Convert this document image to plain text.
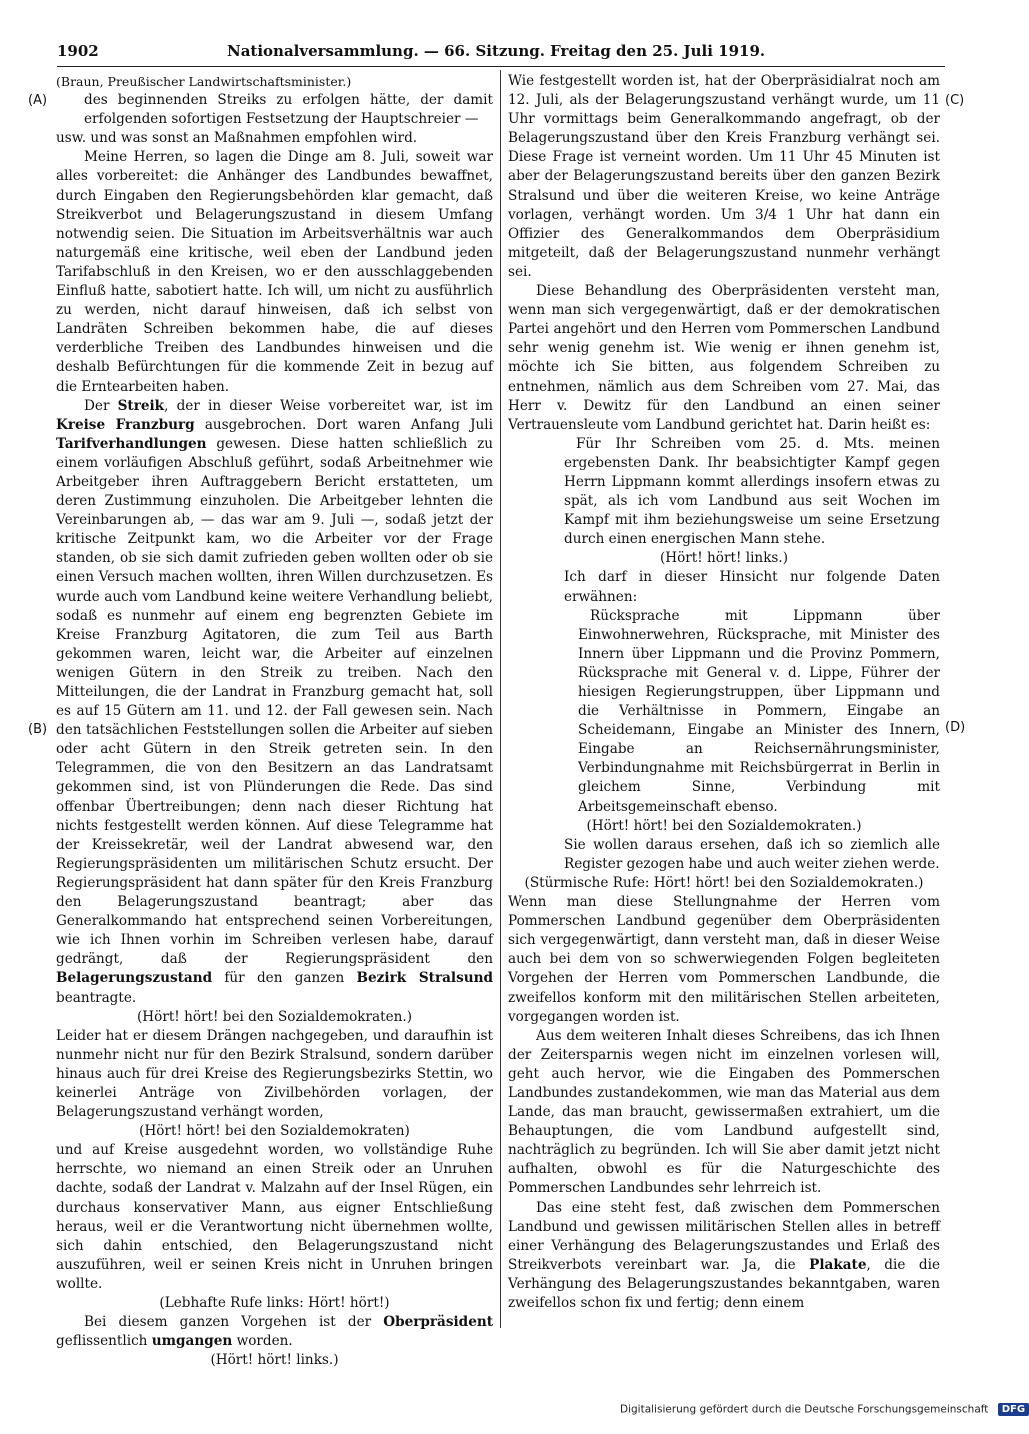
1902	Nationalversammlung. — 66. Sitzung. Freitag den 25. Juli 1919.
(A)
(B)
(C)
(D)

(Braun, Preußischer Landwirtschaftsminister.)

des beginnenden Streiks zu erfolgen hätte, der damit erfolgenden sofortigen Festsetzung der Hauptschreier —

usw. und was sonst an Maßnahmen empfohlen wird.

Meine Herren, so lagen die Dinge am 8. Juli, soweit war alles vorbereitet: die Anhänger des Landbundes bewaffnet, durch Eingaben den Regierungsbehörden klar gemacht, daß Streikverbot und Belagerungszustand in diesem Umfang notwendig seien. Die Situation im Arbeitsverhältnis war auch naturgemäß eine kritische, weil eben der Landbund jeden Tarifabschluß in den Kreisen, wo er den ausschlaggebenden Einfluß hatte, sabotiert hatte. Ich will, um nicht zu ausführlich zu werden, nicht darauf hinweisen, daß ich selbst von Landräten Schreiben bekommen habe, die auf dieses verderbliche Treiben des Landbundes hinweisen und die deshalb Befürchtungen für die kommende Zeit in bezug auf die Erntearbeiten haben.

Der Streik, der in dieser Weise vorbereitet war, ist im Kreise Franzburg ausgebrochen. Dort waren Anfang Juli Tarifverhandlungen gewesen. Diese hatten schließlich zu einem vorläufigen Abschluß geführt, sodaß Arbeitnehmer wie Arbeitgeber ihren Auftraggebern Bericht erstatteten, um deren Zustimmung einzuholen. Die Arbeitgeber lehnten die Vereinbarungen ab, — das war am 9. Juli —, sodaß jetzt der kritische Zeitpunkt kam, wo die Arbeiter vor der Frage standen, ob sie sich damit zufrieden geben wollten oder ob sie einen Versuch machen wollten, ihren Willen durchzusetzen. Es wurde auch vom Landbund keine weitere Verhandlung beliebt, sodaß es nunmehr auf einem eng begrenzten Gebiete im Kreise Franzburg Agitatoren, die zum Teil aus Barth gekommen waren, leicht war, die Arbeiter auf einzelnen wenigen Gütern in den Streik zu treiben. Nach den Mitteilungen, die der Landrat in Franzburg gemacht hat, soll es auf 15 Gütern am 11. und 12. der Fall gewesen sein. Nach den tatsächlichen Feststellungen sollen die Arbeiter auf sieben oder acht Gütern in den Streik getreten sein. In den Telegrammen, die von den Besitzern an das Landratsamt gekommen sind, ist von Plünderungen die Rede. Das sind offenbar Übertreibungen; denn nach dieser Richtung hat nichts festgestellt werden können. Auf diese Telegramme hat der Kreissekretär, weil der Landrat abwesend war, den Regierungspräsidenten um militärischen Schutz ersucht. Der Regierungspräsident hat dann später für den Kreis Franzburg den Belagerungszustand beantragt; aber das Generalkommando hat entsprechend seinen Vorbereitungen, wie ich Ihnen vorhin im Schreiben verlesen habe, darauf gedrängt, daß der Regierungspräsident den Belagerungszustand für den ganzen Bezirk Stralsund beantragte.

(Hört! hört! bei den Sozialdemokraten.)

Leider hat er diesem Drängen nachgegeben, und daraufhin ist nunmehr nicht nur für den Bezirk Stralsund, sondern darüber hinaus auch für drei Kreise des Regierungsbezirks Stettin, wo keinerlei Anträge von Zivilbehörden vorlagen, der Belagerungszustand verhängt worden,

(Hört! hört! bei den Sozialdemokraten)

und auf Kreise ausgedehnt worden, wo vollständige Ruhe herrschte, wo niemand an einen Streik oder an Unruhen dachte, sodaß der Landrat v. Malzahn auf der Insel Rügen, ein durchaus konservativer Mann, aus eigner Entschließung heraus, weil er die Verantwortung nicht übernehmen wollte, sich dahin entschied, den Belagerungszustand nicht auszuführen, weil er seinen Kreis nicht in Unruhen bringen wollte.

(Lebhafte Rufe links: Hört! hört!)

Bei diesem ganzen Vorgehen ist der Oberpräsident geflissentlich umgangen worden.

(Hört! hört! links.)

Wie festgestellt worden ist, hat der Oberpräsidialrat noch am 12. Juli, als der Belagerungszustand verhängt wurde, um 11 Uhr vormittags beim Generalkommando angefragt, ob der Belagerungszustand über den Kreis Franzburg verhängt sei. Diese Frage ist verneint worden. Um 11 Uhr 45 Minuten ist aber der Belagerungszustand bereits über den ganzen Bezirk Stralsund und über die weiteren Kreise, wo keine Anträge vorlagen, verhängt worden. Um 3/4 1 Uhr hat dann ein Offizier des Generalkommandos dem Oberpräsidium mitgeteilt, daß der Belagerungszustand nunmehr verhängt sei.

Diese Behandlung des Oberpräsidenten versteht man, wenn man sich vergegenwärtigt, daß er der demokratischen Partei angehört und den Herren vom Pommerschen Landbund sehr wenig genehm ist. Wie wenig er ihnen genehm ist, möchte ich Sie bitten, aus folgendem Schreiben zu entnehmen, nämlich aus dem Schreiben vom 27. Mai, das Herr v. Dewitz für den Landbund an einen seiner Vertrauensleute vom Landbund gerichtet hat. Darin heißt es:

Für Ihr Schreiben vom 25. d. Mts. meinen ergebensten Dank. Ihr beabsichtigter Kampf gegen Herrn Lippmann kommt allerdings insofern etwas zu spät, als ich vom Landbund aus seit Wochen im Kampf mit ihm beziehungsweise um seine Ersetzung durch einen energischen Mann stehe.

(Hört! hört! links.)

Ich darf in dieser Hinsicht nur folgende Daten erwähnen:

Rücksprache mit Lippmann über Einwohnerwehren, Rücksprache, mit Minister des Innern über Lippmann und die Provinz Pommern, Rücksprache mit General v. d. Lippe, Führer der hiesigen Regierungstruppen, über Lippmann und die Verhältnisse in Pommern, Eingabe an Scheidemann, Eingabe an Minister des Innern, Eingabe an Reichsernährungsminister, Verbindungnahme mit Reichsbürgerrat in Berlin in gleichem Sinne, Verbindung mit Arbeitsgemeinschaft ebenso.

(Hört! hört! bei den Sozialdemokraten.)

Sie wollen daraus ersehen, daß ich so ziemlich alle Register gezogen habe und auch weiter ziehen werde.

(Stürmische Rufe: Hört! hört! bei den Sozialdemokraten.)

Wenn man diese Stellungnahme der Herren vom Pommerschen Landbund gegenüber dem Oberpräsidenten sich vergegenwärtigt, dann versteht man, daß in dieser Weise auch bei dem von so schwerwiegenden Folgen begleiteten Vorgehen der Herren vom Pommerschen Landbunde, die zweifellos konform mit den militärischen Stellen arbeiteten, vorgegangen worden ist.

Aus dem weiteren Inhalt dieses Schreibens, das ich Ihnen der Zeitersparnis wegen nicht im einzelnen vorlesen will, geht auch hervor, wie die Eingaben des Pommerschen Landbundes zustandekommen, wie man das Material aus dem Lande, das man braucht, gewissermaßen extrahiert, um die Behauptungen, die vom Landbund aufgestellt sind, nachträglich zu begründen. Ich will Sie aber damit jetzt nicht aufhalten, obwohl es für die Naturgeschichte des Pommerschen Landbundes sehr lehrreich ist.

Das eine steht fest, daß zwischen dem Pommerschen Landbund und gewissen militärischen Stellen alles in betreff einer Verhängung des Belagerungszustandes und Erlaß des Streikverbots vereinbart war. Ja, die Plakate, die die Verhängung des Belagerungszustandes bekanntgaben, waren zweifellos schon fix und fertig; denn einem

Digitalisierung gefördert durch die Deutsche Forschungsgemeinschaft DFG
